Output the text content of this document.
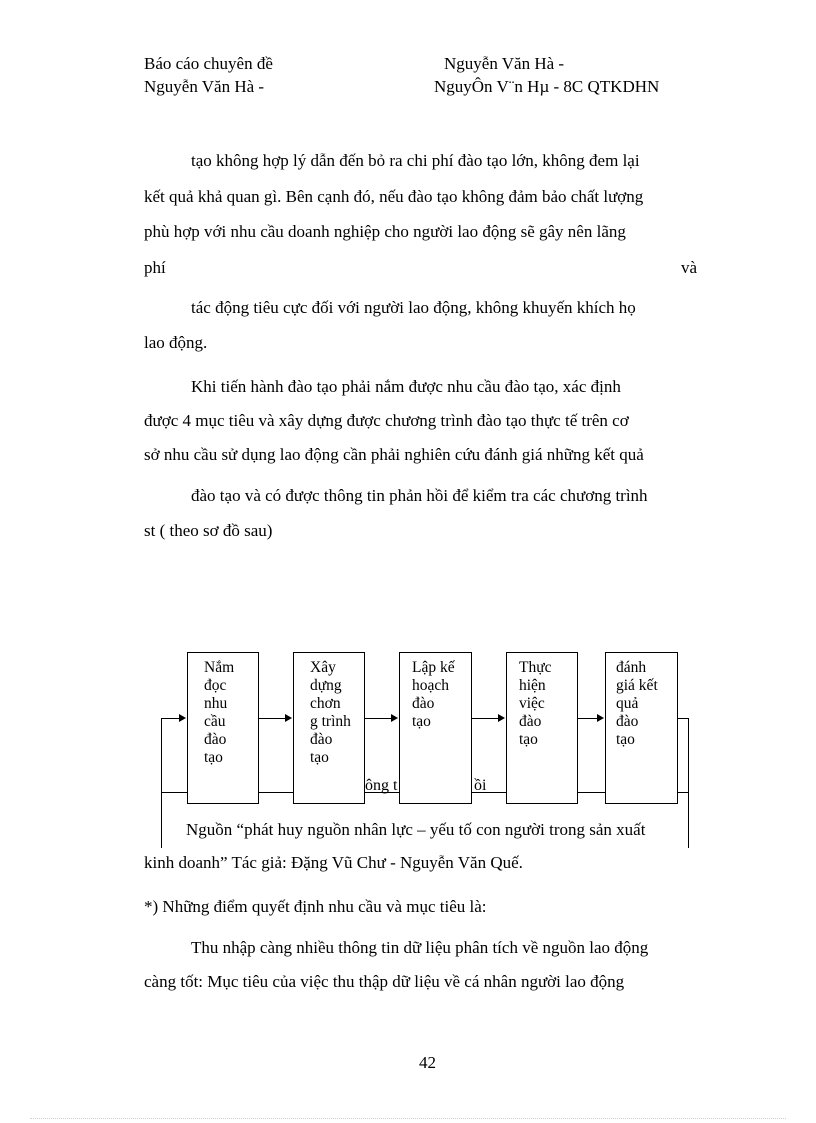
Báo cáo chuyên đề	Nguyễn Văn Hà -
Nguyễn Văn Hà -	NguyÔn V¨n Hµ - 8C QTKDHN
tạo không hợp lý dẫn đến bỏ ra chi phí đào tạo lớn, không đem lại
kết quả khả quan gì. Bên cạnh đó, nếu đào tạo không đảm bảo chất lượng
phù hợp với nhu cầu doanh nghiệp cho người lao động sẽ gây nên lãng
phí	và
tác động tiêu cực đối với người lao động, không khuyến khích họ
lao động.
Khi tiến hành đào tạo phải nắm được nhu cầu đào tạo, xác định
được 4 mục tiêu và xây dựng được chương trình đào tạo thực tế trên cơ
sở nhu cầu sử dụng lao động cần phải nghiên cứu đánh giá những kết quả
đào tạo và có được thông tin phản hồi để kiểm tra các chương trình
st ( theo sơ đồ sau)
Nắm
đọc
nhu
cầu
đào
tạo
Xây
dựng
chơn
g trình
đào
tạo
Lập kế
hoạch
đào
tạo
Thực
hiện
việc
đào
tạo
đánh
giá kết
quả
đào
tạo
ông t	ồi
Nguồn “phát huy nguồn nhân lực – yếu tố con người trong sản xuất
kinh doanh” Tác giả: Đặng Vũ Chư - Nguyễn Văn Quế.
*) Những điểm quyết định nhu cầu và mục tiêu là:
Thu nhập càng nhiều thông tin dữ liệu phân tích về nguồn lao động
càng tốt: Mục tiêu của việc thu thập dữ liệu về cá nhân người lao động
42
